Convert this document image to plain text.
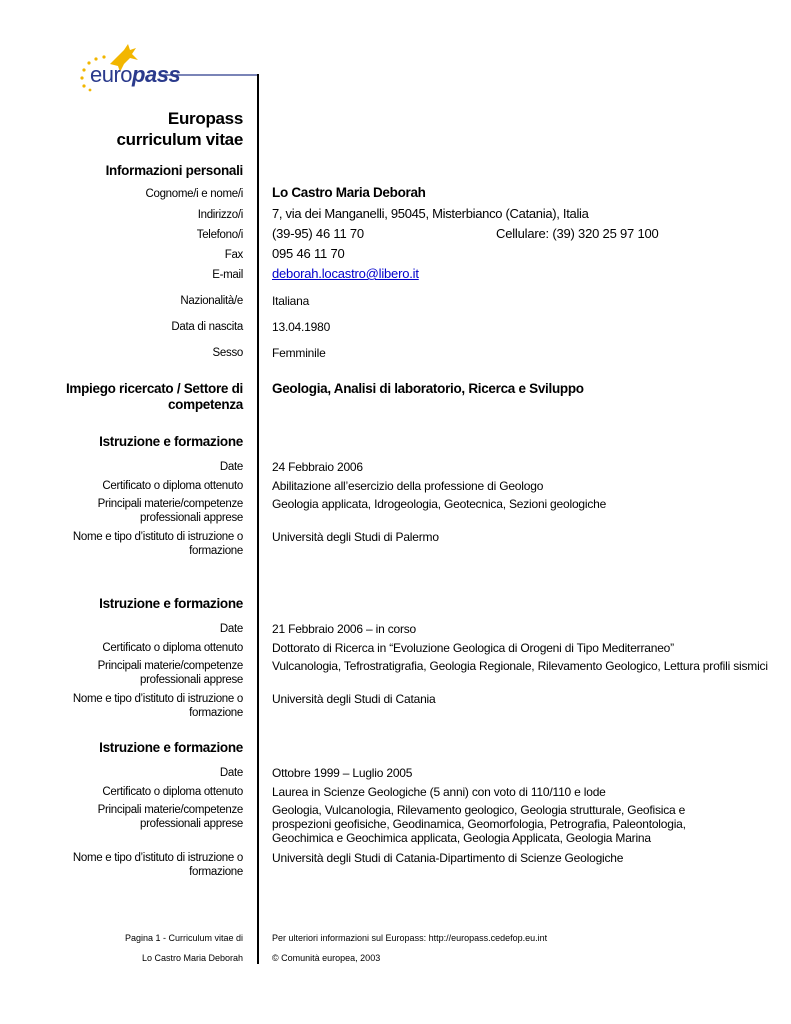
europass
Europass
curriculum vitae
Informazioni personali
Cognome/i e nome/i Lo Castro Maria Deborah
Indirizzo/i 7, via dei Manganelli, 95045, Misterbianco (Catania), Italia
Telefono/i (39-95) 46 11 70	Cellulare: (39) 320 25 97 100
Fax 095 46 11 70
E-mail deborah.locastro@libero.it
Nazionalità/e Italiana
Data di nascita 13.04.1980
Sesso Femminile
Impiego ricercato / Settore di
competenza
Geologia, Analisi di laboratorio, Ricerca e Sviluppo
Istruzione e formazione
Date 24 Febbraio 2006
Certificato o diploma ottenuto Abilitazione all’esercizio della professione di Geologo
Principali materie/competenze
professionali apprese
Geologia applicata, Idrogeologia, Geotecnica, Sezioni geologiche
Nome e tipo d’istituto di istruzione o
formazione
Università degli Studi di Palermo
Istruzione e formazione
Date 21 Febbraio 2006 – in corso
Certificato o diploma ottenuto Dottorato di Ricerca in “Evoluzione Geologica di Orogeni di Tipo Mediterraneo”
Principali materie/competenze
professionali apprese
Vulcanologia, Tefrostratigrafia, Geologia Regionale, Rilevamento Geologico, Lettura profili sismici
Nome e tipo d’istituto di istruzione o
formazione
Università degli Studi di Catania
Istruzione e formazione
Date Ottobre 1999 – Luglio 2005
Certificato o diploma ottenuto Laurea in Scienze Geologiche (5 anni) con voto di 110/110 e lode
Principali materie/competenze
professionali apprese
Geologia, Vulcanologia, Rilevamento geologico, Geologia strutturale, Geofisica e prospezioni geofisiche, Geodinamica, Geomorfologia, Petrografia, Paleontologia, Geochimica e Geochimica applicata, Geologia Applicata, Geologia Marina
Nome e tipo d’istituto di istruzione o
formazione
Università degli Studi di Catania-Dipartimento di Scienze Geologiche
Pagina 1 - Curriculum vitae di
Lo Castro Maria Deborah
Per ulteriori informazioni sul Europass: http://europass.cedefop.eu.int
© Comunità europea, 2003
